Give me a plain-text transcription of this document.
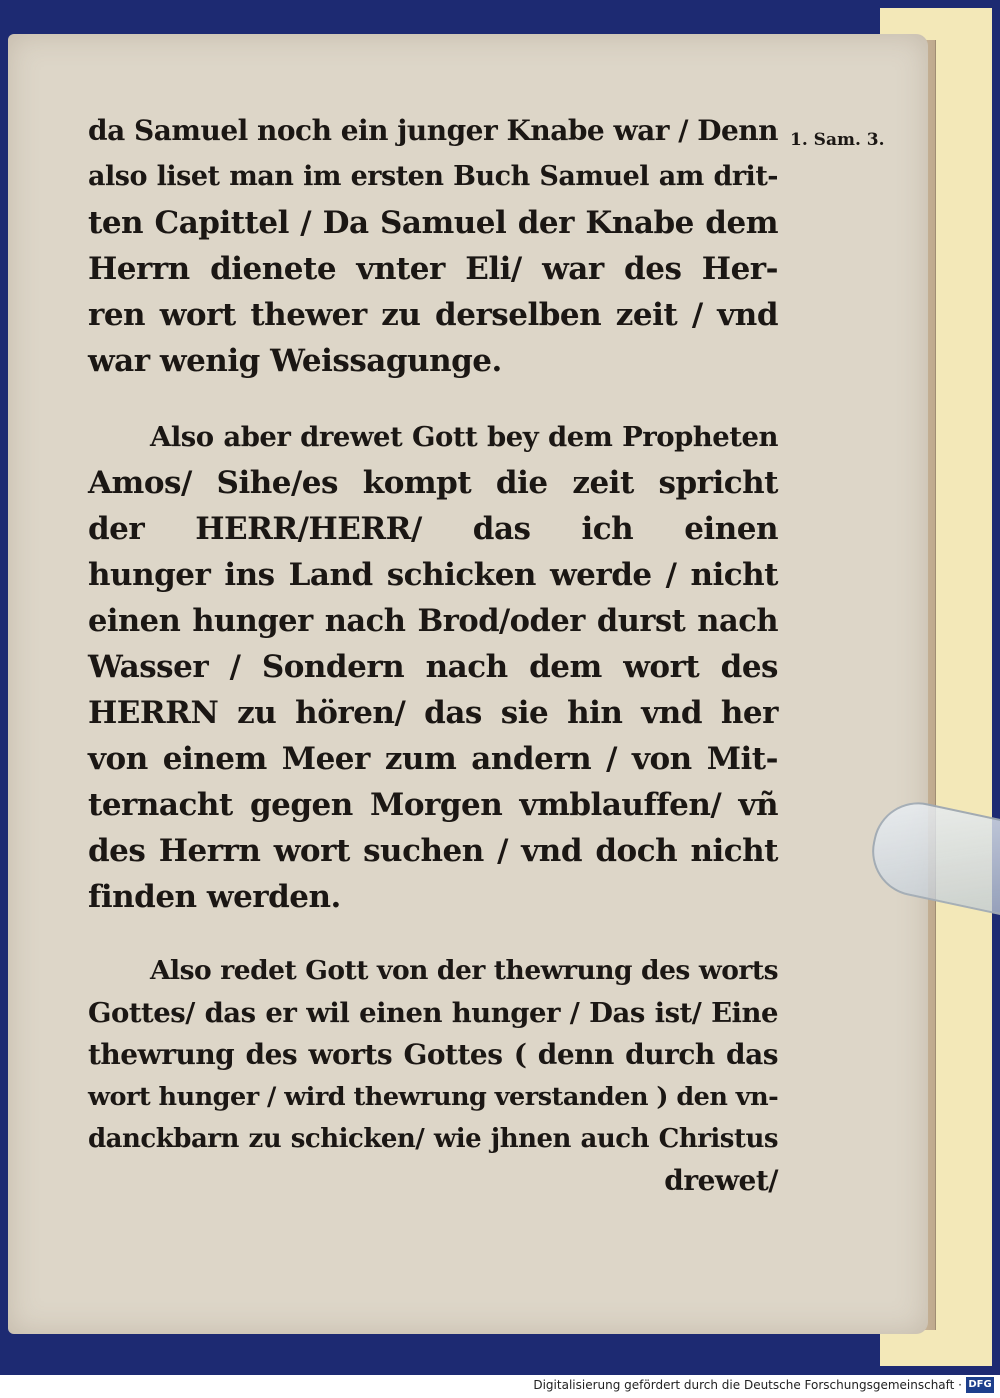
1. Sam. 3.
da Samuel noch ein junger Knabe war / Denn
also liset man im ersten Buch Samuel am drit-
ten Capittel / Da Samuel der Knabe dem
Herrn dienete vnter Eli/ war des Her-
ren wort thewer zu derselben zeit / vnd
war wenig Weissagunge.
Also aber drewet Gott bey dem Propheten
Amos/ Sihe/es kompt die zeit spricht
der HERR/HERR/ das ich einen
hunger ins Land schicken werde / nicht
einen hunger nach Brod/oder durst nach
Wasser / Sondern nach dem wort des
HERRN zu hören/ das sie hin vnd her
von einem Meer zum andern / von Mit-
ternacht gegen Morgen vmblauffen/ vñ
des Herrn wort suchen / vnd doch nicht
finden werden.
Also redet Gott von der thewrung des worts
Gottes/ das er wil einen hunger / Das ist/ Eine
thewrung des worts Gottes ( denn durch das
wort hunger / wird thewrung verstanden ) den vn-
danckbarn zu schicken/ wie jhnen auch Christus
drewet/
Digitalisierung gefördert durch die Deutsche Forschungsgemeinschaft · DFG
